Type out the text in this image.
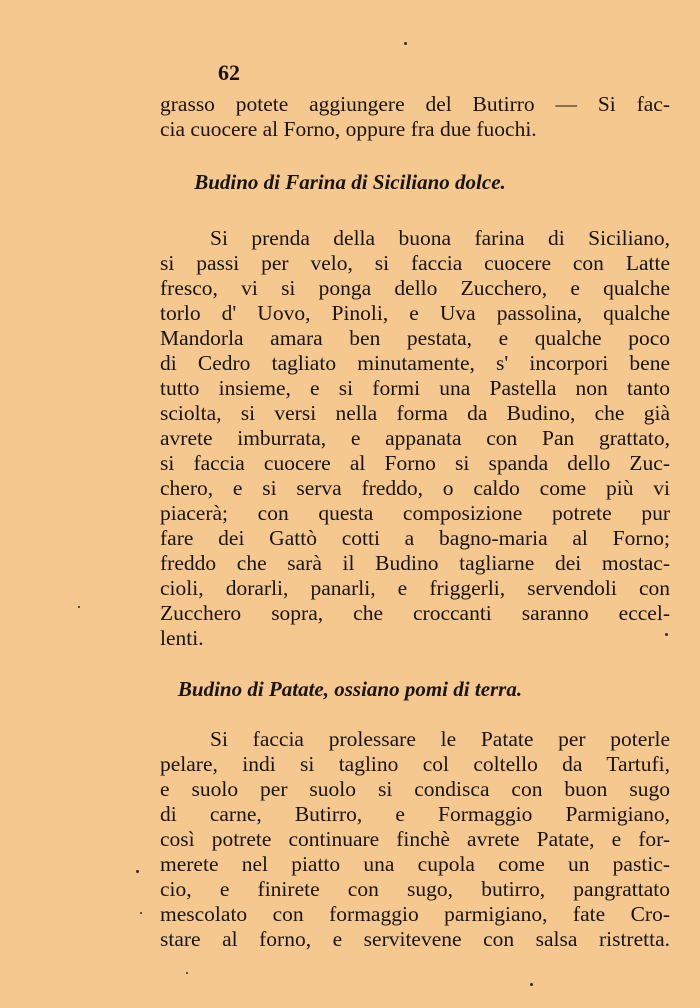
62
grasso potete aggiungere del Butirro — Si fac-
cia cuocere al Forno, oppure fra due fuochi.
Budino di Farina di Siciliano dolce.
Si prenda della buona farina di Siciliano,
si passi per velo, si faccia cuocere con Latte
fresco, vi si ponga dello Zucchero, e qualche
torlo d' Uovo, Pinoli, e Uva passolina, qualche
Mandorla amara ben pestata, e qualche poco
di Cedro tagliato minutamente, s' incorpori bene
tutto insieme, e si formi una Pastella non tanto
sciolta, si versi nella forma da Budino, che già
avrete imburrata, e appanata con Pan grattato,
si faccia cuocere al Forno si spanda dello Zuc-
chero, e si serva freddo, o caldo come più vi
piacerà; con questa composizione potrete pur
fare dei Gattò cotti a bagno-maria al Forno;
freddo che sarà il Budino tagliarne dei mostac-
cioli, dorarli, panarli, e friggerli, servendoli con
Zucchero sopra, che croccanti saranno eccel-
lenti.
Budino di Patate, ossiano pomi di terra.
Si faccia prolessare le Patate per poterle
pelare, indi si taglino col coltello da Tartufi,
e suolo per suolo si condisca con buon sugo
di carne, Butirro, e Formaggio Parmigiano,
così potrete continuare finchè avrete Patate, e for-
merete nel piatto una cupola come un pastic-
cio, e finirete con sugo, butirro, pangrattato
mescolato con formaggio parmigiano, fate Cro-
stare al forno, e servitevene con salsa ristretta.
